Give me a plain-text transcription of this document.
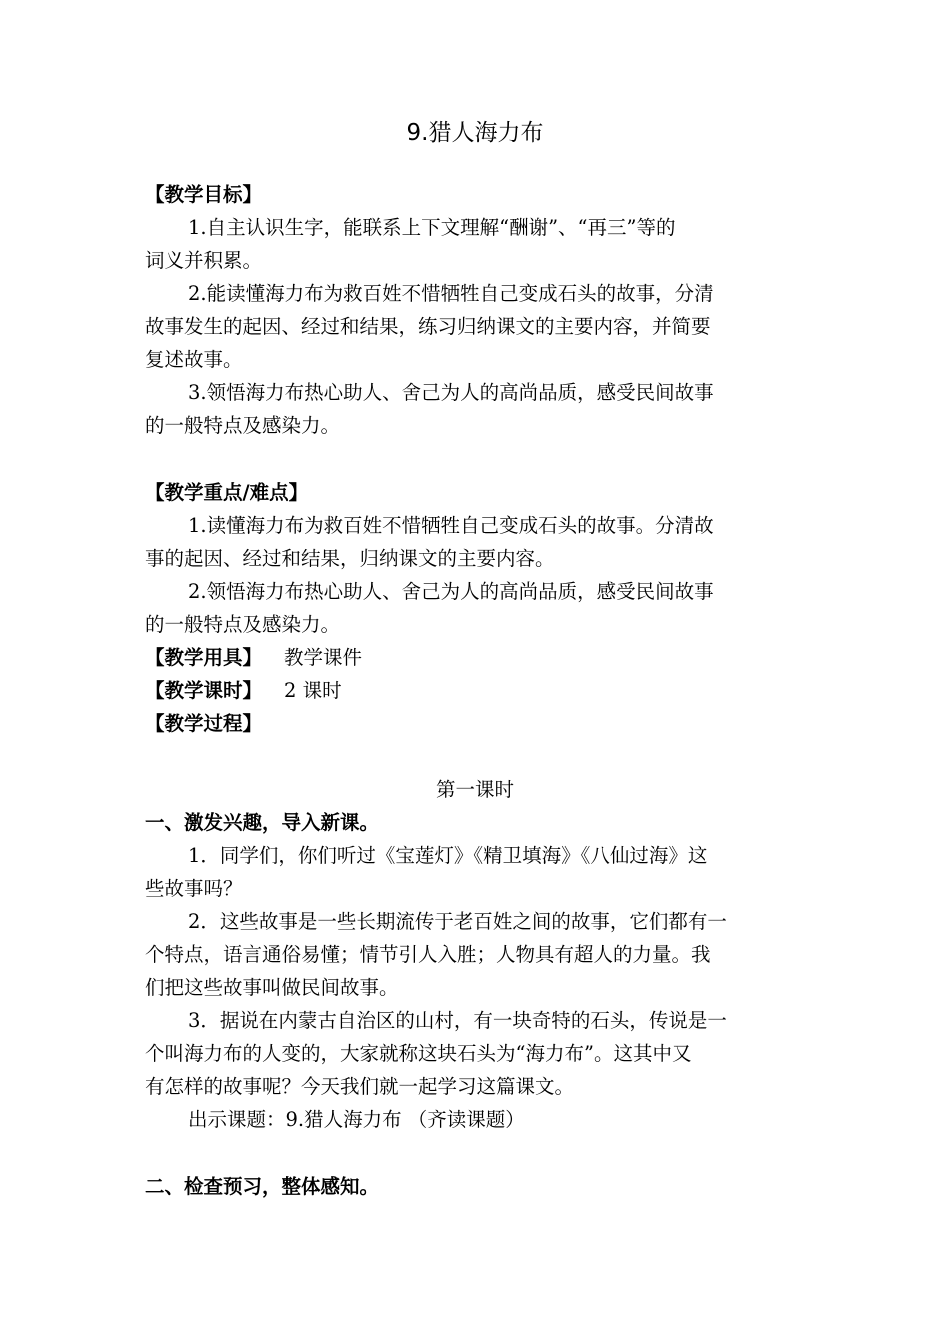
9.猎人海力布
【教学目标】
1.自主认识生字，能联系上下文理解“酬谢”、“再三”等的
词义并积累。
2.能读懂海力布为救百姓不惜牺牲自己变成石头的故事，分清
故事发生的起因、经过和结果，练习归纳课文的主要内容，并简要
复述故事。
3.领悟海力布热心助人、舍己为人的高尚品质，感受民间故事
的一般特点及感染力。
【教学重点/难点】
1.读懂海力布为救百姓不惜牺牲自己变成石头的故事。分清故
事的起因、经过和结果，归纳课文的主要内容。
2.领悟海力布热心助人、舍己为人的高尚品质，感受民间故事
的一般特点及感染力。
【教学用具】 教学课件
【教学课时】 2 课时
【教学过程】
第一课时
一、激发兴趣，导入新课。
1．同学们，你们听过《宝莲灯》《精卫填海》《八仙过海》这
些故事吗？
2．这些故事是一些长期流传于老百姓之间的故事，它们都有一
个特点，语言通俗易懂；情节引人入胜；人物具有超人的力量。我
们把这些故事叫做民间故事。
3．据说在内蒙古自治区的山村，有一块奇特的石头，传说是一
个叫海力布的人变的，大家就称这块石头为“海力布”。这其中又
有怎样的故事呢？今天我们就一起学习这篇课文。
出示课题：9.猎人海力布 （齐读课题）
二、检查预习，整体感知。
